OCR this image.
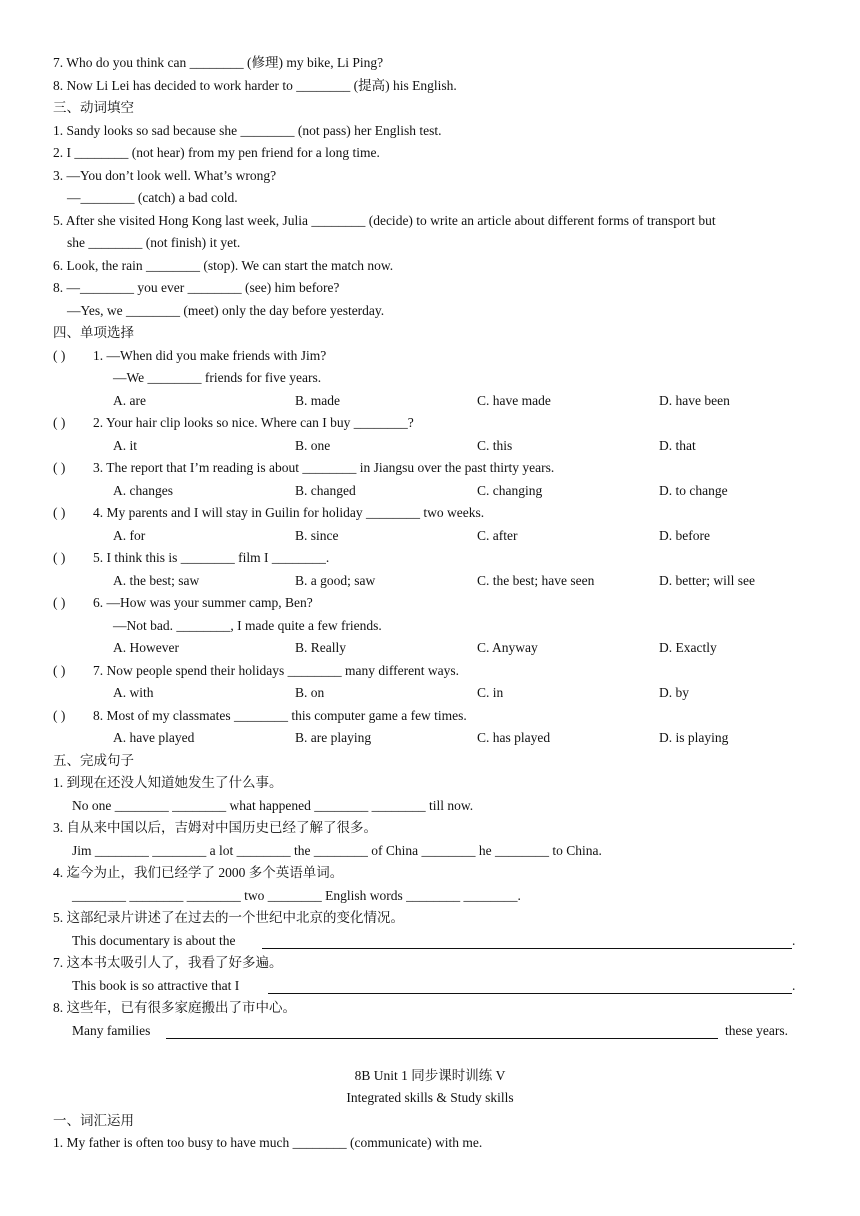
7. Who do you think can ________ (修理) my bike, Li Ping?
8. Now Li Lei has decided to work harder to ________ (提高) his English.
三、动词填空
1. Sandy looks so sad because she ________ (not pass) her English test.
2. I ________ (not hear) from my pen friend for a long time.
3. —You don’t look well. What’s wrong?
—________ (catch) a bad cold.
5. After she visited Hong Kong last week, Julia ________ (decide) to write an article about different forms of transport but
she ________ (not finish) it yet.
6. Look, the rain ________ (stop). We can start the match now.
8. —________ you ever ________ (see) him before?
—Yes, we ________ (meet) only the day before yesterday.
四、单项选择
( ) 1. —When did you make friends with Jim?
—We ________ friends for five years.
A. are	B. made	C. have made	D. have been
( ) 2. Your hair clip looks so nice. Where can I buy ________?
A. it	B. one	C. this	D. that
( ) 3. The report that I’m reading is about ________ in Jiangsu over the past thirty years.
A. changes	B. changed	C. changing	D. to change
( ) 4. My parents and I will stay in Guilin for holiday ________ two weeks.
A. for	B. since	C. after	D. before
( ) 5. I think this is ________ film I ________.
A. the best; saw	B. a good; saw	C. the best; have seen	D. better; will see
( ) 6. —How was your summer camp, Ben?
—Not bad. ________, I made quite a few friends.
A. However	B. Really	C. Anyway	D. Exactly
( ) 7. Now people spend their holidays ________ many different ways.
A. with	B. on	C. in	D. by
( ) 8. Most of my classmates ________ this computer game a few times.
A. have played	B. are playing	C. has played	D. is playing
五、完成句子
1. 到现在还没人知道她发生了什么事。
No one ________ ________ what happened ________ ________ till now.
3. 自从来中国以后，吉姆对中国历史已经了解了很多。
Jim ________ ________ a lot ________ the ________ of China ________ he ________ to China.
4. 迄今为止，我们已经学了 2000 多个英语单词。
________ ________ ________ two ________ English words ________ ________.
5. 这部纪录片讲述了在过去的一个世纪中北京的变化情况。
This documentary is about the	.
7. 这本书太吸引人了，我看了好多遍。
This book is so attractive that I	.
8. 这些年，已有很多家庭搬出了市中心。
Many families	these years.
8B Unit 1 同步课时训练 V
Integrated skills & Study skills
一、词汇运用
1. My father is often too busy to have much ________ (communicate) with me.
